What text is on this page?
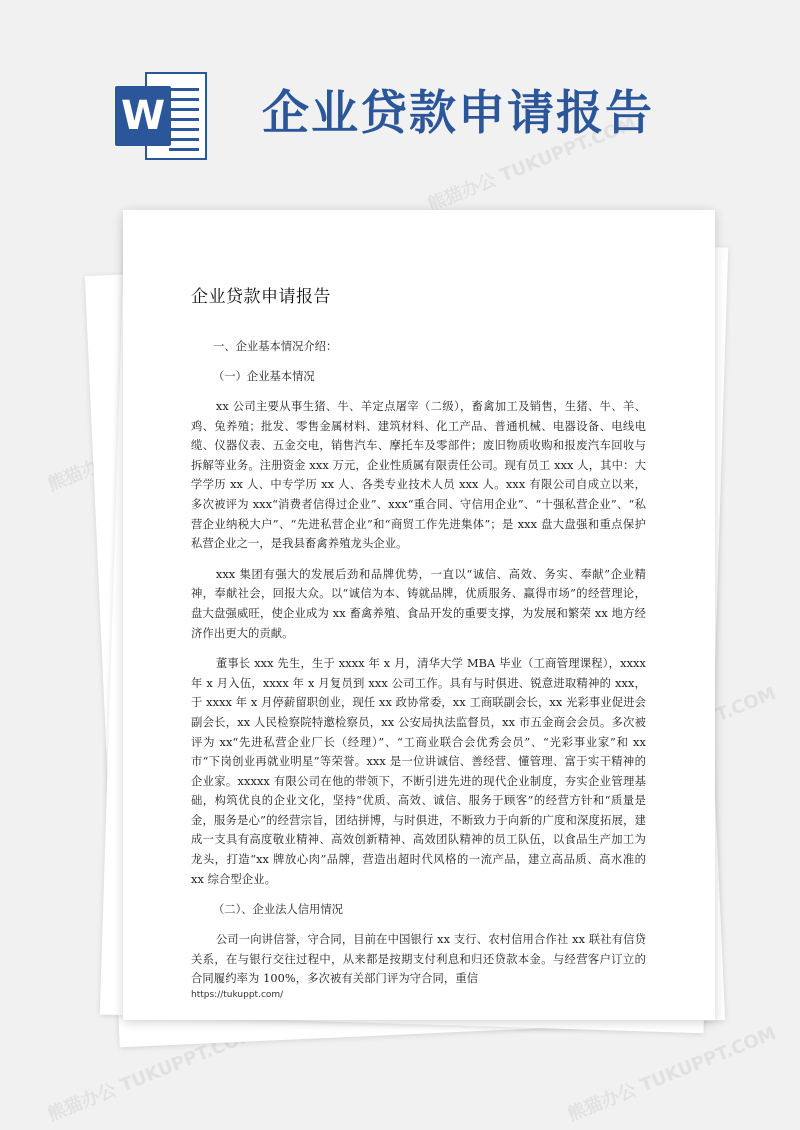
W 企业贷款申请报告
熊猫办公 TUKUPPT.COM
熊猫办公
熊猫办公 TUKUPPT.COM	熊猫办公 TUKUPPT.COM
企业贷款申请报告

一、企业基本情况介绍：

（一）企业基本情况

xx 公司主要从事生猪、牛、羊定点屠宰（二级），畜禽加工及销售，生猪、牛、羊、鸡、兔养殖；批发、零售金属材料、建筑材料、化工产品、普通机械、电器设备、电线电缆、仪器仪表、五金交电，销售汽车、摩托车及零部件；废旧物质收购和报废汽车回收与拆解等业务。注册资金 xxx 万元，企业性质属有限责任公司。现有员工 xxx 人，其中：大学学历 xx 人、中专学历 xx 人、各类专业技术人员 xxx 人。xxx 有限公司自成立以来，多次被评为 xxx“消费者信得过企业”、xxx“重合同、守信用企业”、“十强私营企业”、“私营企业纳税大户”、“先进私营企业”和“商贸工作先进集体”；是 xxx 盘大盘强和重点保护私营企业之一，是我县畜禽养殖龙头企业。

xxx 集团有强大的发展后劲和品牌优势，一直以“诚信、高效、务实、奉献”企业精神，奉献社会，回报大众。以“诚信为本、铸就品牌，优质服务、赢得市场”的经营理论，盘大盘强威旺，使企业成为 xx 畜禽养殖、食品开发的重要支撑，为发展和繁荣 xx 地方经济作出更大的贡献。

董事长 xxx 先生，生于 xxxx 年 x 月，清华大学 MBA 毕业（工商管理课程），xxxx 年 x 月入伍，xxxx 年 x 月复员到 xxx 公司工作。具有与时俱进、锐意进取精神的 xxx，于 xxxx 年 x 月停薪留职创业，现任 xx 政协常委，xx 工商联副会长，xx 光彩事业促进会副会长，xx 人民检察院特邀检察员，xx 公安局执法监督员，xx 市五金商会会员。多次被评为 xx“先进私营企业厂长（经理）”、“工商业联合会优秀会员”、“光彩事业家”和 xx 市“下岗创业再就业明星”等荣誉。xxx 是一位讲诚信、善经营、懂管理、富于实干精神的企业家。xxxxx 有限公司在他的带领下，不断引进先进的现代企业制度，夯实企业管理基础，构筑优良的企业文化，坚持“优质、高效、诚信、服务于顾客”的经营方针和“质量是金，服务是心”的经营宗旨，团结拼博，与时俱进，不断致力于向新的广度和深度拓展，建成一支具有高度敬业精神、高效创新精神、高效团队精神的员工队伍，以食品生产加工为龙头，打造“xx 牌放心肉”品牌，营造出超时代风格的一流产品，建立高品质、高水准的 xx 综合型企业。

（二）、企业法人信用情况

公司一向讲信誉，守合同，目前在中国银行 xx 支行、农村信用合作社 xx 联社有信贷关系，在与银行交往过程中，从来都是按期支付利息和归还贷款本金。与经营客户订立的合同履约率为 100%，多次被有关部门评为守合同，重信

https://tukuppt.com/
